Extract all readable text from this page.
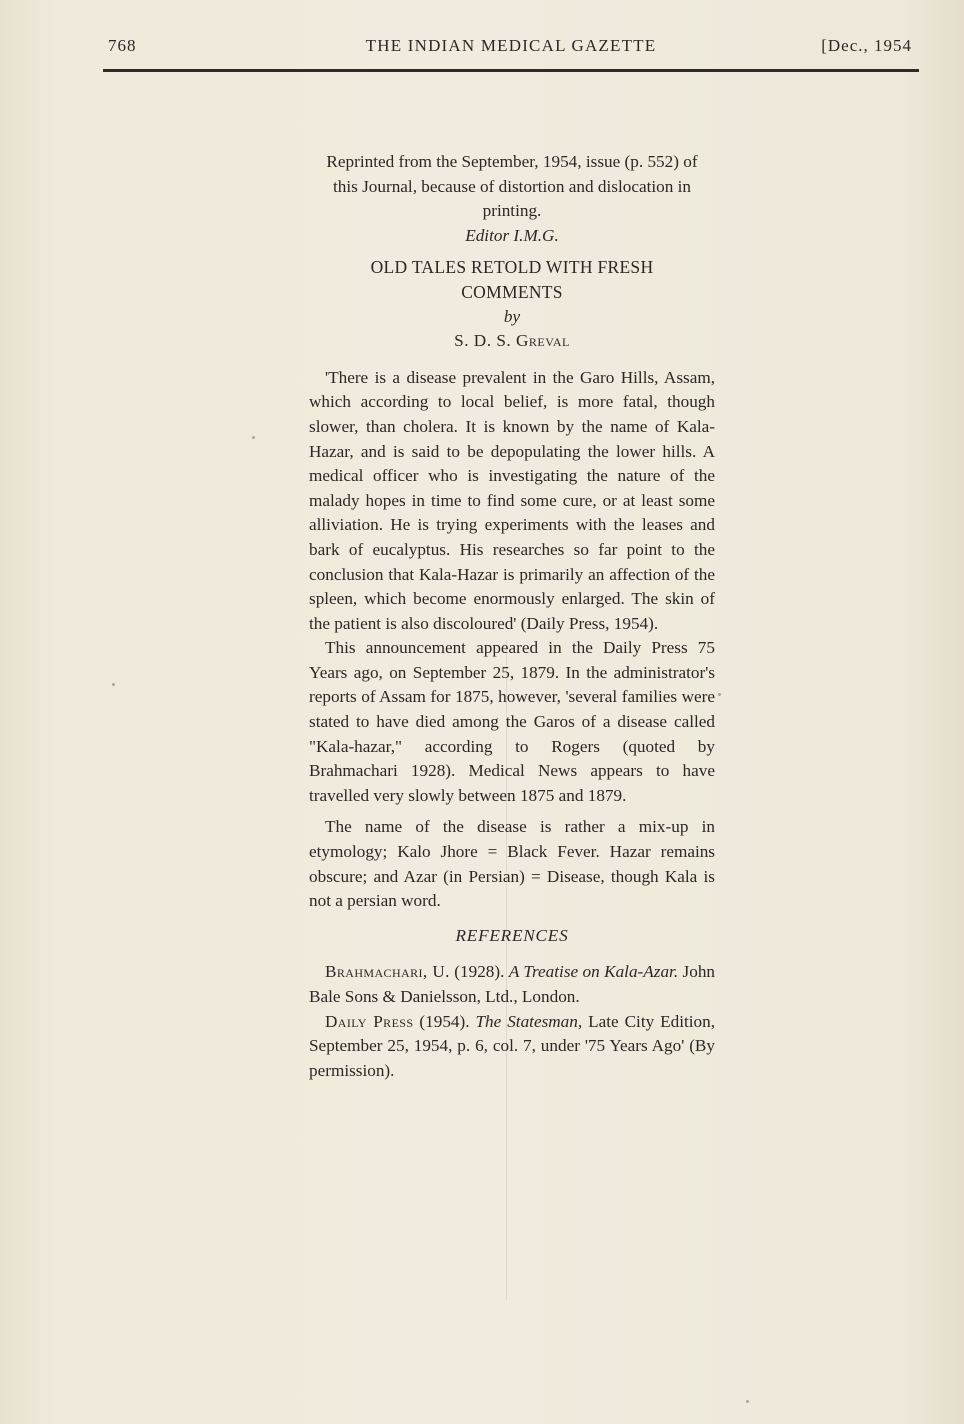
768	THE INDIAN MEDICAL GAZETTE	[Dec., 1954

Reprinted from the September, 1954, issue (p. 552) of this Journal, because of distortion and dislocation in printing.
Editor I.M.G.
OLD TALES RETOLD WITH FRESH COMMENTS
by
S. D. S. Greval

'There is a disease prevalent in the Garo Hills, Assam, which according to local belief, is more fatal, though slower, than cholera. It is known by the name of Kala-Hazar, and is said to be depopulating the lower hills. A medical officer who is investigating the nature of the malady hopes in time to find some cure, or at least some alliviation. He is trying experiments with the leases and bark of eucalyptus. His researches so far point to the conclusion that Kala-Hazar is primarily an affection of the spleen, which become enormously enlarged. The skin of the patient is also discoloured' (Daily Press, 1954).

This announcement appeared in the Daily Press 75 Years ago, on September 25, 1879. In the administrator's reports of Assam for 1875, however, 'several families were stated to have died among the Garos of a disease called "Kala-hazar," according to Rogers (quoted by Brahmachari 1928). Medical News appears to have travelled very slowly between 1875 and 1879.

The name of the disease is rather a mix-up in etymology; Kalo Jhore = Black Fever. Hazar remains obscure; and Azar (in Persian) = Disease, though Kala is not a persian word.

REFERENCES

Brahmachari, U. (1928). A Treatise on Kala-Azar. John Bale Sons & Danielsson, Ltd., London.

Daily Press (1954). The Statesman, Late City Edition, September 25, 1954, p. 6, col. 7, under '75 Years Ago' (By permission).
